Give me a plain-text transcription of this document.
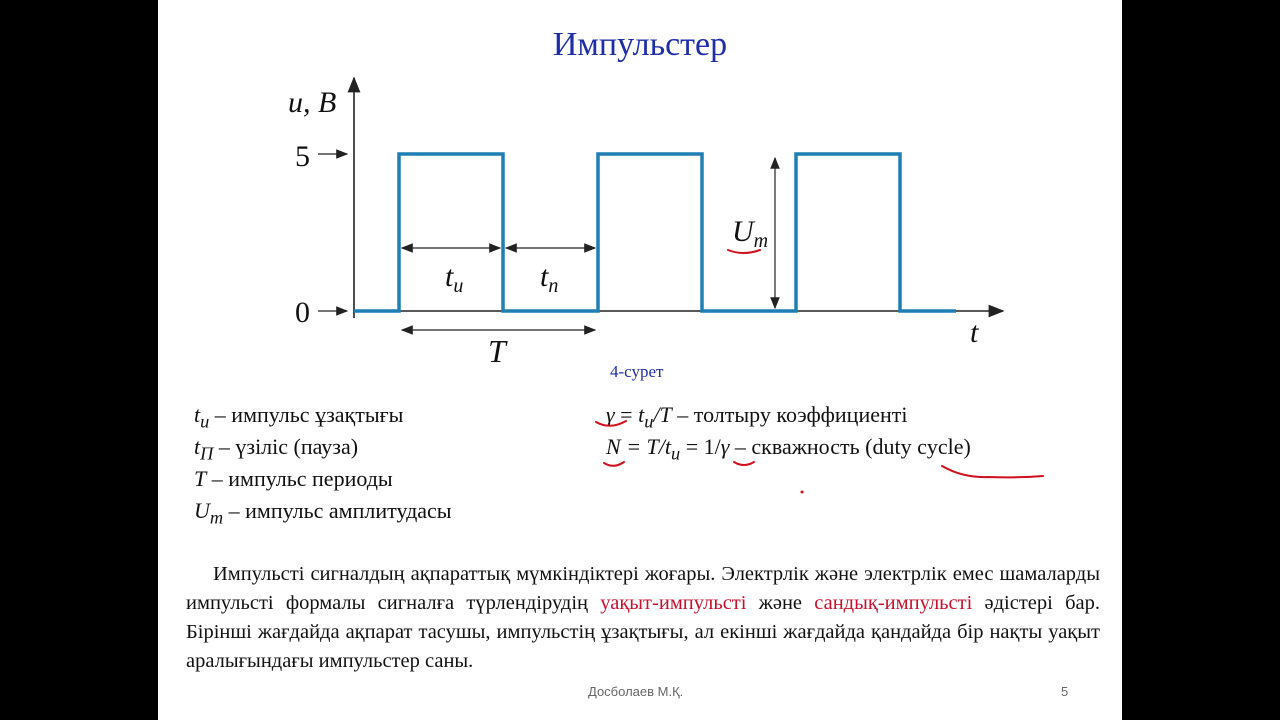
Импульстер
u, В
5
0
t
$t_и$	$t_п$
T
$U_m$
4-сурет
$t_и$ – импульс ұзақтығы
$t_П$ – үзіліс (пауза)
T – импульс периоды
$U_m$ – импульс амплитудасы
$\gamma = t_и/T$ – толтыру коэффициенті
$N = T/t_и = 1/\gamma$ – скважность (duty cycle)
Импульсті сигналдың ақпараттық мүмкіндіктері жоғары. Электрлік және электрлік емес шамаларды импульсті формалы сигналға түрлендірудің уақыт-импульсті және сандық-импульсті әдістері бар. Бірінші жағдайда ақпарат тасушы, импульстің ұзақтығы, ал екінші жағдайда қандайда бір нақты уақыт аралығындағы импульстер саны.
Досболаев М.Қ.	5
